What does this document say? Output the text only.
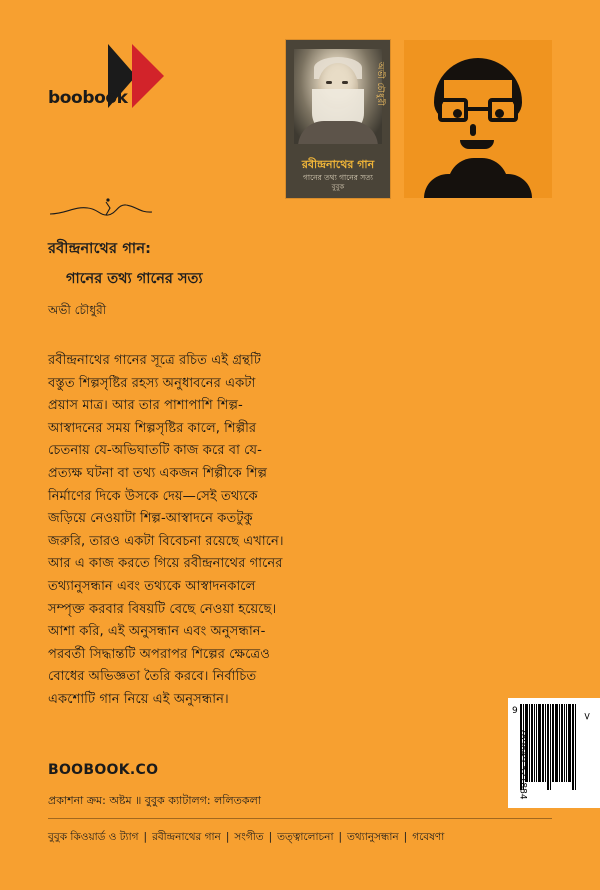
boobook	অভী চৌধুরী
রবীন্দ্রনাথের গান
গানের তথ্য গানের সত্য
বুবুক
রবীন্দ্রনাথের গান:
গানের তথ্য গানের সত্য
অভী চৌধুরী
রবীন্দ্রনাথের গানের সূত্রে রচিত এই গ্রন্থটি বস্তুত শিল্পসৃষ্টির রহস্য অনুধাবনের একটা প্রয়াস মাত্র। আর তার পাশাপাশি শিল্প-আস্বাদনের সময় শিল্পসৃষ্টির কালে, শিল্পীর চেতনায় যে-অভিঘাতটি কাজ করে বা যে-প্রত্যক্ষ ঘটনা বা তথ্য একজন শিল্পীকে শিল্প নির্মাণের দিকে উসকে দেয়—সেই তথ্যকে জড়িয়ে নেওয়াটা শিল্প-আস্বাদনে কতটুকু জরুরি, তারও একটা বিবেচনা রয়েছে এখানে। আর এ কাজ করতে গিয়ে রবীন্দ্রনাথের গানের তথ্যানুসন্ধান এবং তথ্যকে আস্বাদনকালে সম্পৃক্ত করবার বিষয়টি বেছে নেওয়া হয়েছে। আশা করি, এই অনুসন্ধান এবং অনুসন্ধান-পরবর্তী সিদ্ধান্তটি অপরাপর শিল্পের ক্ষেত্রেও বোধের অভিজ্ঞতা তৈরি করবে। নির্বাচিত একশোটি গান নিয়ে এই অনুসন্ধান।
9
789849 521884
>
BOOBOOK.CO
প্রকাশনা ক্রম: অষ্টম ॥ বুবুক ক্যাটালগ: ললিতকলা
বুবুক কিওয়ার্ড ও ট্যাগ | রবীন্দ্রনাথের গান | সংগীত | তত্ত্বালোচনা | তথ্যানুসন্ধান | গবেষণা
